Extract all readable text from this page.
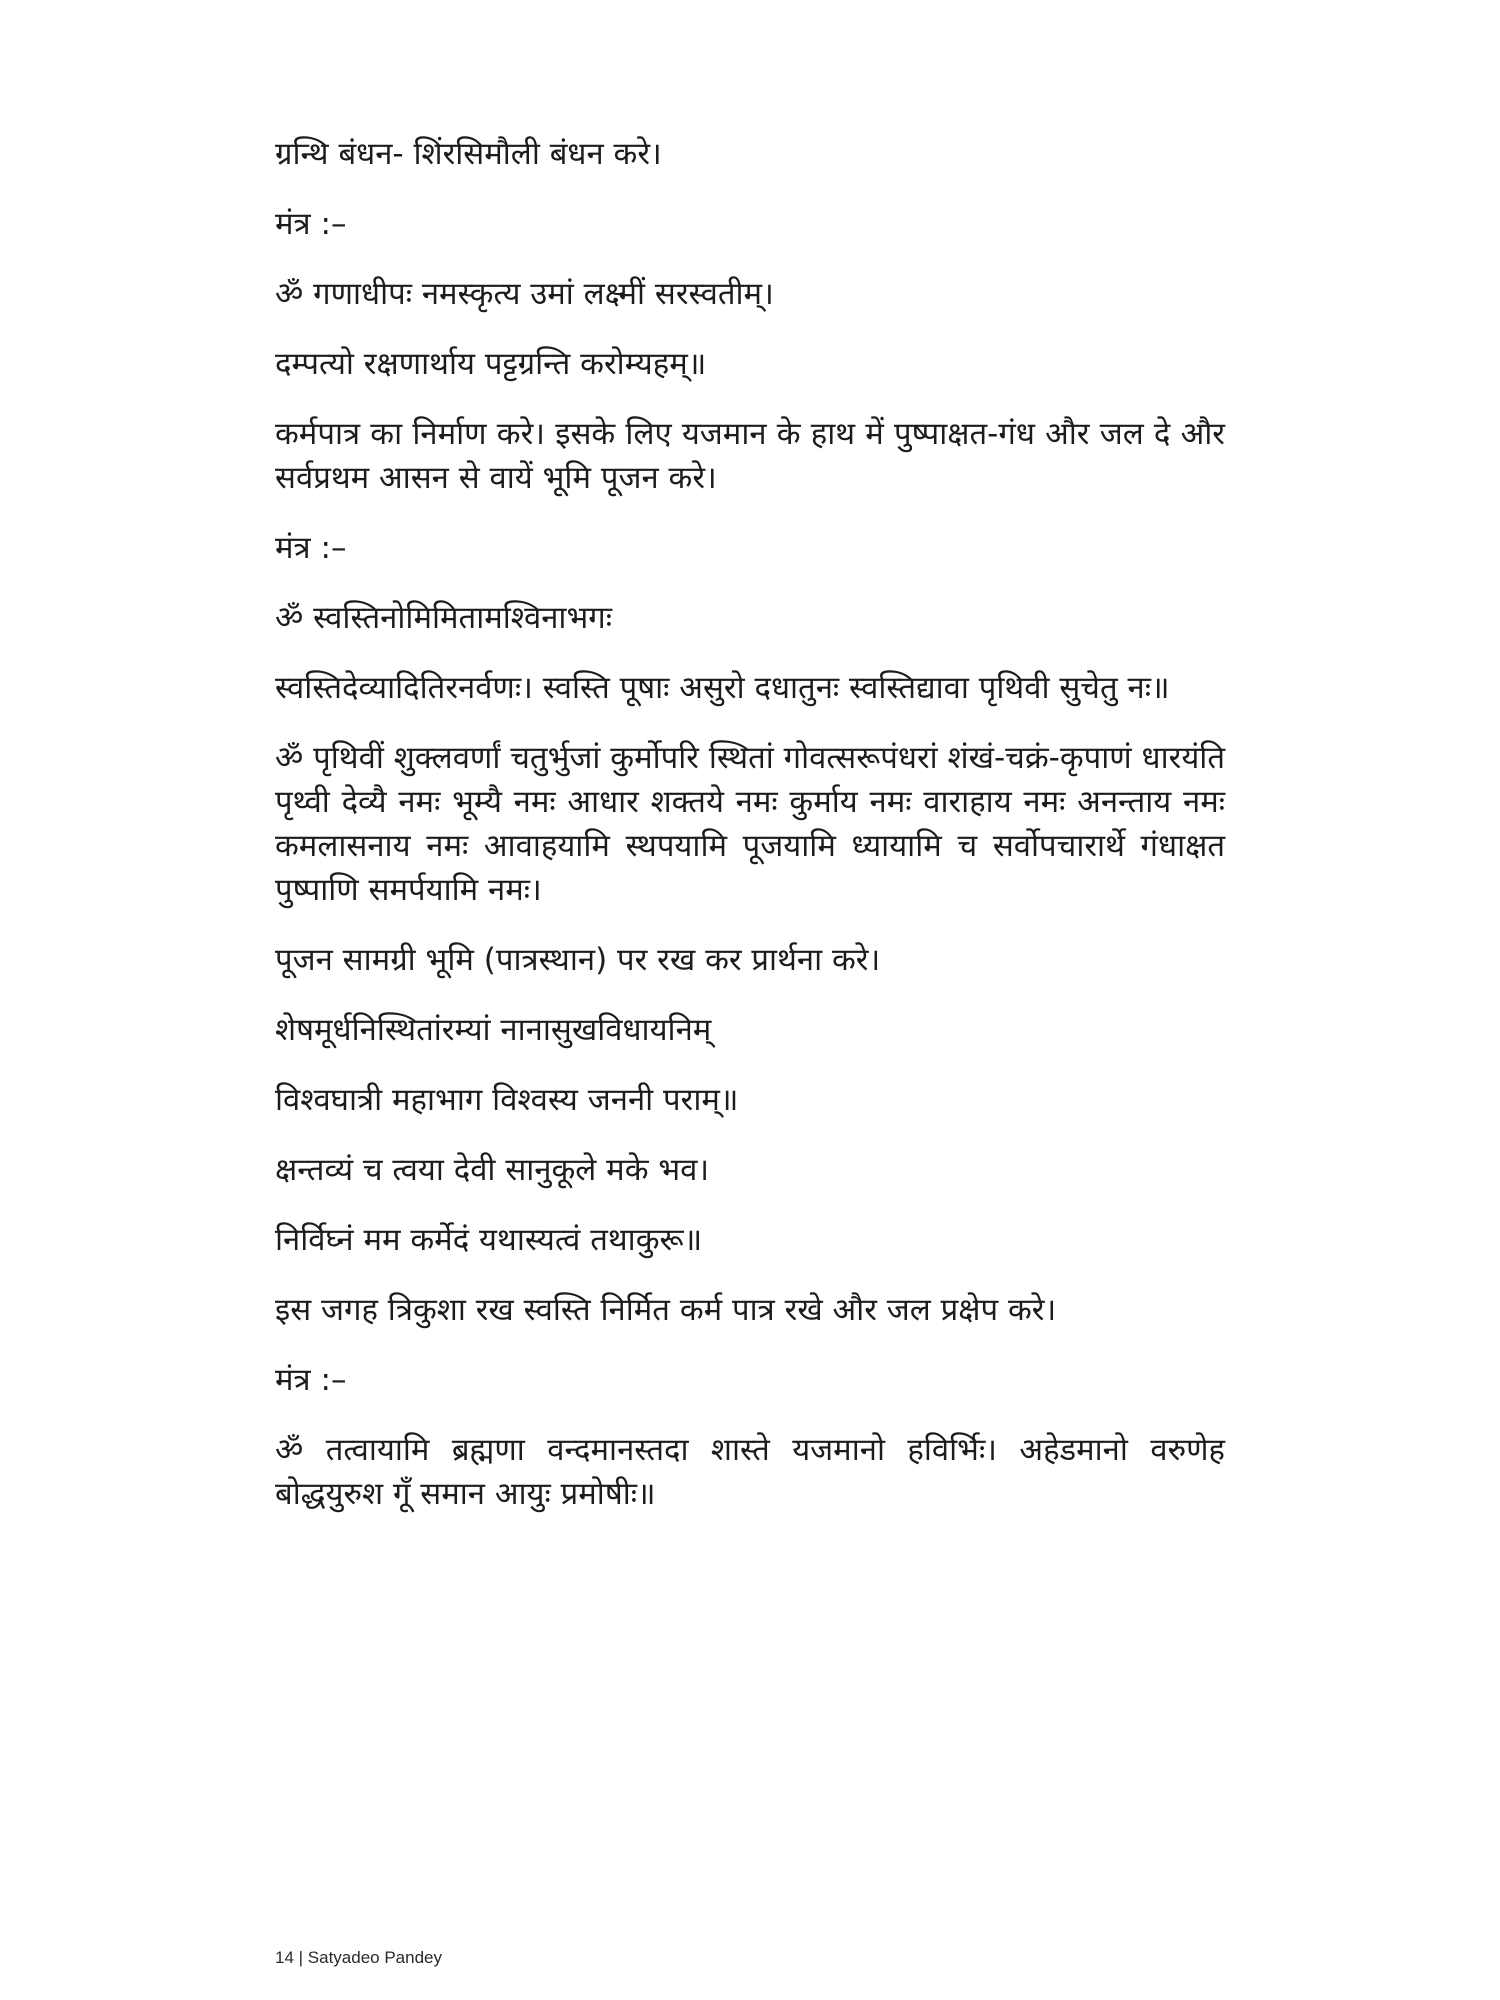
ग्रन्थि बंधन- शिंरसिमौली बंधन करे।

मंत्र :–

ॐ गणाधीपः नमस्कृत्य उमां लक्ष्मीं सरस्वतीम्।

दम्पत्यो रक्षणार्थाय पट्टग्रन्ति करोम्यहम्॥

कर्मपात्र का निर्माण करे। इसके लिए यजमान के हाथ में पुष्पाक्षत-गंध और जल दे और सर्वप्रथम आसन से वायें भूमि पूजन करे।

मंत्र :–

ॐ स्वस्तिनोमिमितामश्विनाभगः

स्वस्तिदेव्यादितिरनर्वणः। स्वस्ति पूषाः असुरो दधातुनः स्वस्तिद्यावा पृथिवी सुचेतु नः॥

ॐ पृथिवीं शुक्लवर्णां चतुर्भुजां कुर्मोपरि स्थितां गोवत्सरूपंधरां शंखं-चक्रं-कृपाणं धारयंति पृथ्वी देव्यै नमः भूम्यै नमः आधार शक्तये नमः कुर्माय नमः वाराहाय नमः अनन्ताय नमः कमलासनाय नमः आवाहयामि स्थपयामि पूजयामि ध्यायामि च सर्वोपचारार्थे गंधाक्षत पुष्पाणि समर्पयामि नमः।

पूजन सामग्री भूमि (पात्रस्थान) पर रख कर प्रार्थना करे।

शेषमूर्धनिस्थितांरम्यां नानासुखविधायनिम्

विश्वघात्री महाभाग विश्वस्य जननी पराम्॥

क्षन्तव्यं च त्वया देवी सानुकूले मके भव।

निर्विघ्नं मम कर्मेदं यथास्यत्वं तथाकुरू॥

इस जगह त्रिकुशा रख स्वस्ति निर्मित कर्म पात्र रखे और जल प्रक्षेप करे।

मंत्र :–

ॐ तत्वायामि ब्रह्मणा वन्दमानस्तदा शास्ते यजमानो हविर्भिः। अहेडमानो वरुणेह बोद्धयुरुश गूँ समान आयुः प्रमोषीः॥

14 | Satyadeo Pandey
